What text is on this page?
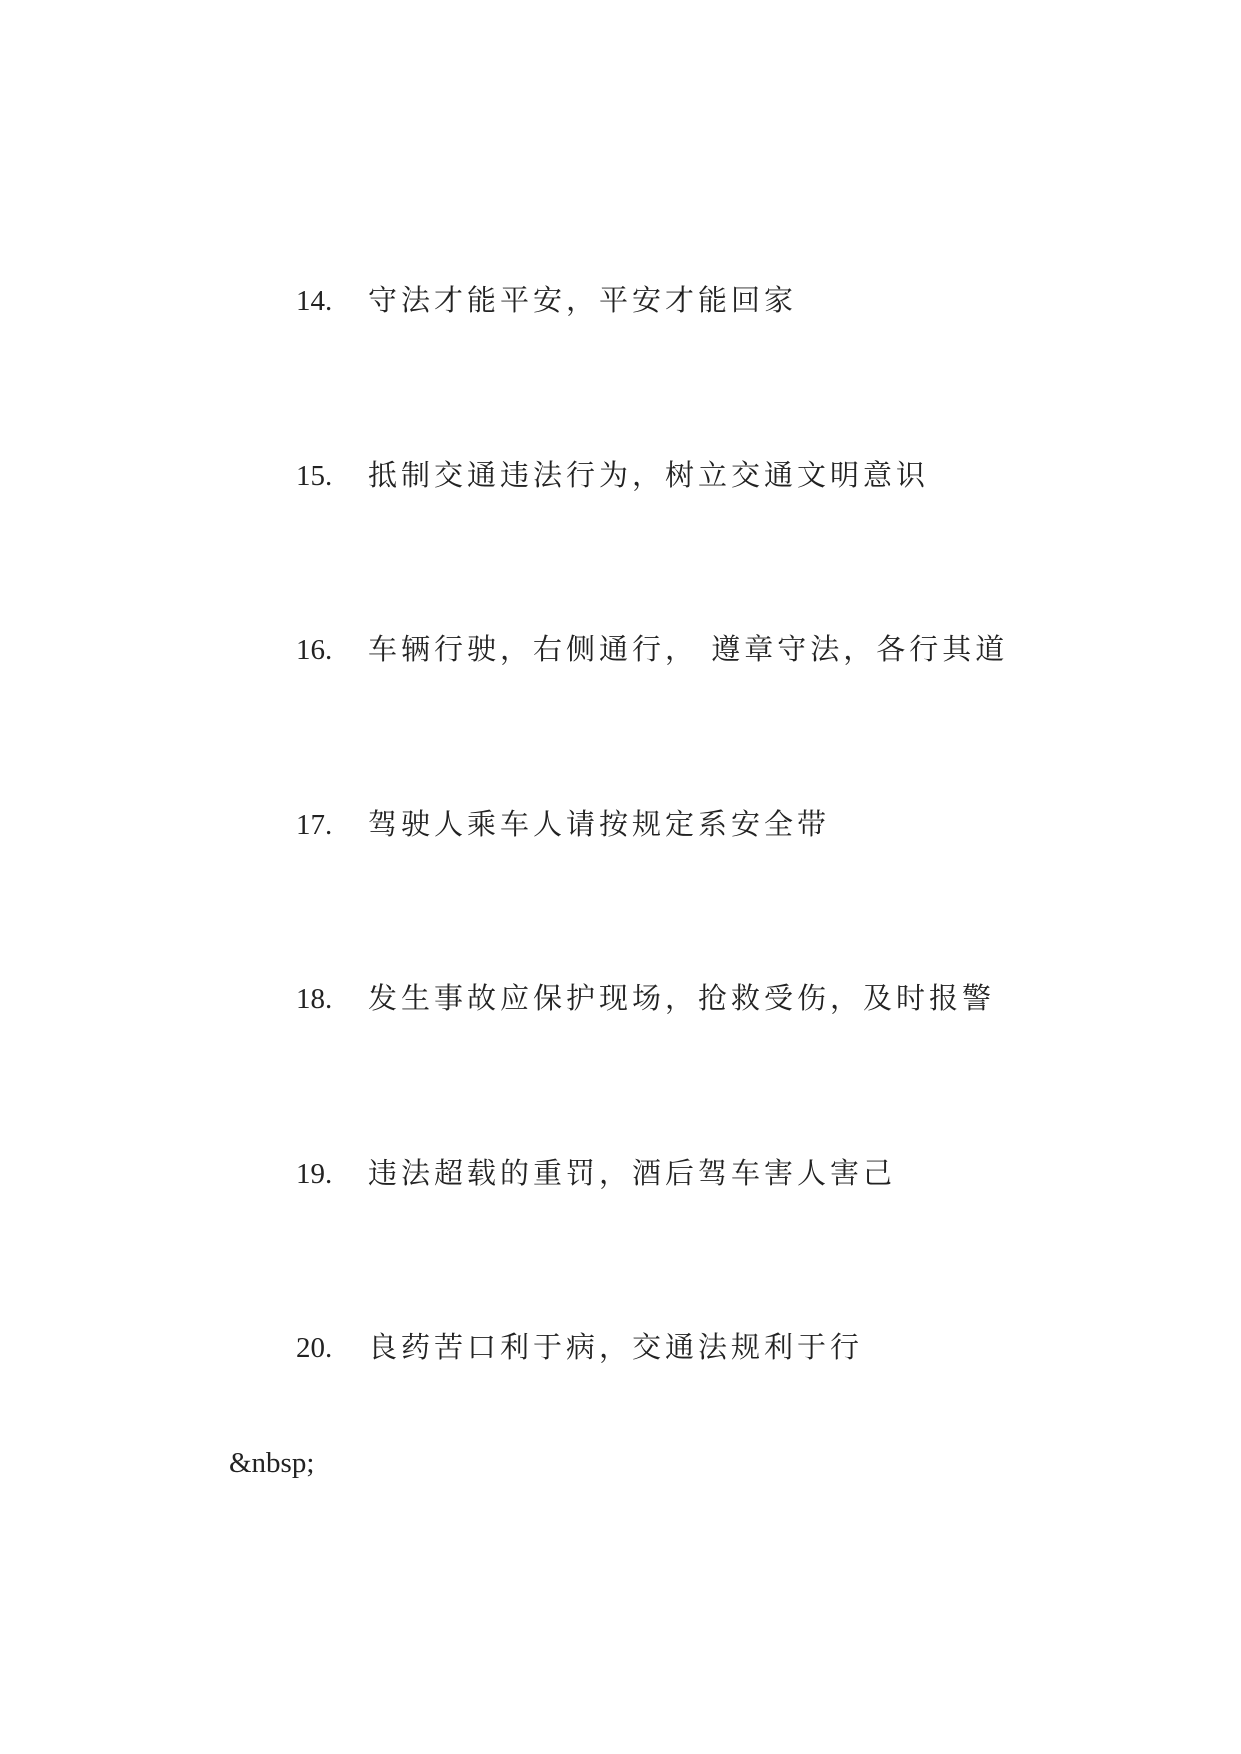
14. 守法才能平安，平安才能回家
15. 抵制交通违法行为，树立交通文明意识
16. 车辆行驶，右侧通行， 遵章守法，各行其道
17. 驾驶人乘车人请按规定系安全带
18. 发生事故应保护现场，抢救受伤，及时报警
19. 违法超载的重罚，酒后驾车害人害己
20. 良药苦口利于病，交通法规利于行
&nbsp;
